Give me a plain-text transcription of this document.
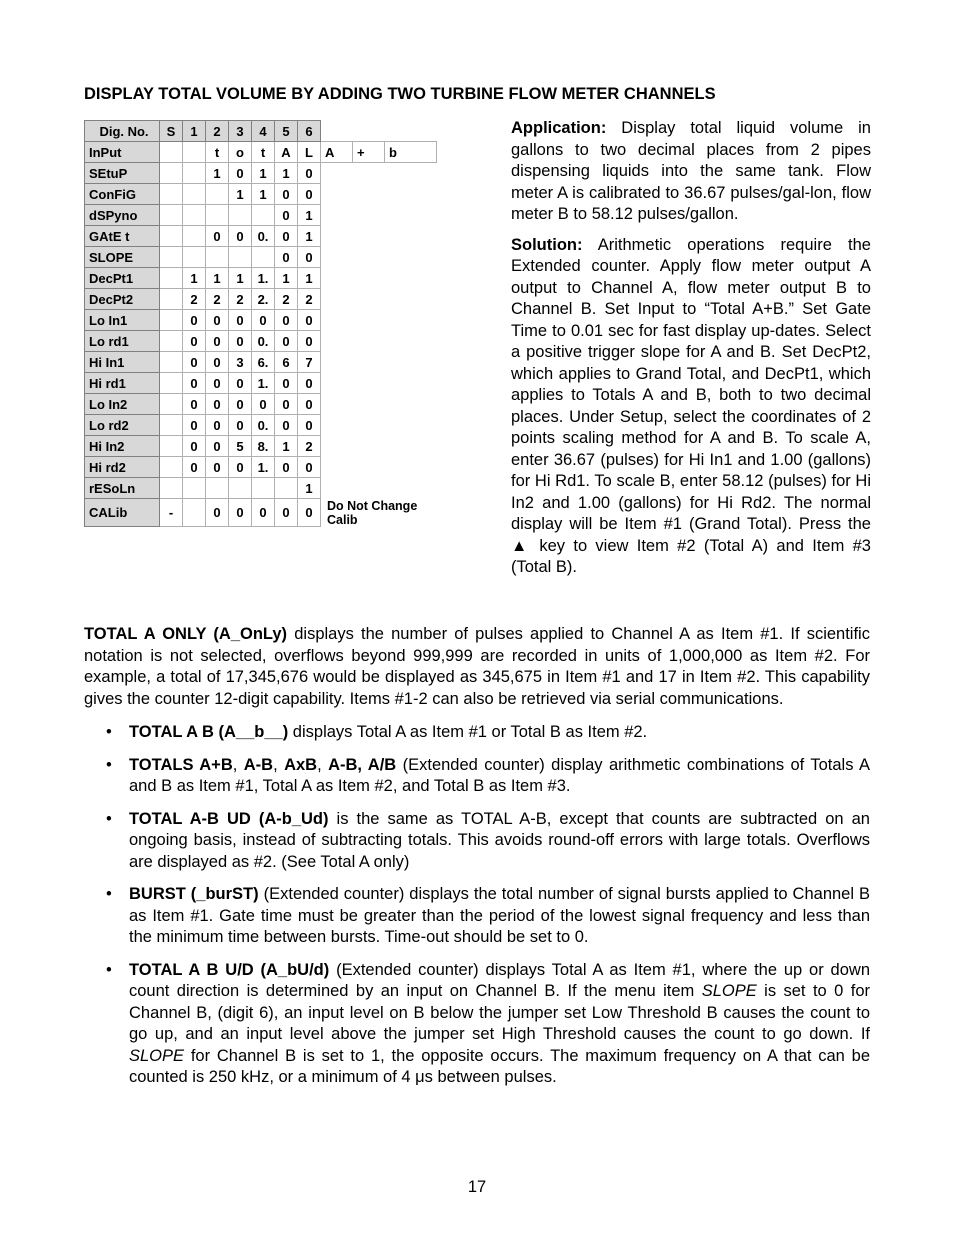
DISPLAY TOTAL VOLUME BY ADDING TWO TURBINE FLOW METER CHANNELS
Dig. No.	S	1	2	3	4	5	6			
InPut			t	o	t	A	L	A	+	b
SEtuP			1	0	1	1	0			
ConFiG				1	1	0	0			
dSPyno						0	1			
GAtE t			0	0	0.	0	1			
SLOPE						0	0			
DecPt1		1	1	1	1.	1	1			
DecPt2		2	2	2	2.	2	2			
Lo In1		0	0	0	0	0	0			
Lo rd1		0	0	0	0.	0	0			
Hi In1		0	0	3	6.	6	7			
Hi rd1		0	0	0	1.	0	0			
Lo In2		0	0	0	0	0	0			
Lo rd2		0	0	0	0.	0	0			
Hi In2		0	0	5	8.	1	2			
Hi rd2		0	0	0	1.	0	0			
rESoLn							1			
CALib	-		0	0	0	0	0	Do Not Change Calib		

Application: Display total liquid volume in gallons to two decimal places from 2 pipes dispensing liquids into the same tank. Flow meter A is calibrated to 36.67 pulses/gal-lon, flow meter B to 58.12 pulses/gallon.

Solution: Arithmetic operations require the Extended counter. Apply flow meter output A output to Channel A, flow meter output B to Channel B. Set Input to “Total A+B.” Set Gate Time to 0.01 sec for fast display up-dates. Select a positive trigger slope for A and B. Set DecPt2, which applies to Grand Total, and DecPt1, which applies to Totals A and B, both to two decimal places. Under Setup, select the coordinates of 2 points scaling method for A and B. To scale A, enter 36.67 (pulses) for Hi In1 and 1.00 (gallons) for Hi Rd1. To scale B, enter 58.12 (pulses) for Hi In2 and 1.00 (gallons) for Hi Rd2. The normal display will be Item #1 (Grand Total). Press the ▲ key to view Item #2 (Total A) and Item #3 (Total B).

TOTAL A ONLY (A_OnLy) displays the number of pulses applied to Channel A as Item #1. If scientific notation is not selected, overflows beyond 999,999 are recorded in units of 1,000,000 as Item #2. For example, a total of 17,345,676 would be displayed as 345,675 in Item #1 and 17 in Item #2. This capability gives the counter 12-digit capability. Items #1-2 can also be retrieved via serial communications.

• TOTAL A B (A__b__) displays Total A as Item #1 or Total B as Item #2.
• TOTALS A+B, A-B, AxB, A-B, A/B (Extended counter) display arithmetic combinations of Totals A and B as Item #1, Total A as Item #2, and Total B as Item #3.
• TOTAL A-B UD (A-b_Ud) is the same as TOTAL A-B, except that counts are subtracted on an ongoing basis, instead of subtracting totals. This avoids round-off errors with large totals. Overflows are displayed as #2. (See Total A only)
• BURST (_burST) (Extended counter) displays the total number of signal bursts applied to Channel B as Item #1. Gate time must be greater than the period of the lowest signal frequency and less than the minimum time between bursts. Time-out should be set to 0.
• TOTAL A B U/D (A_bU/d) (Extended counter) displays Total A as Item #1, where the up or down count direction is determined by an input on Channel B. If the menu item SLOPE is set to 0 for Channel B, (digit 6), an input level on B below the jumper set Low Threshold B causes the count to go up, and an input level above the jumper set High Threshold causes the count to go down. If SLOPE for Channel B is set to 1, the opposite occurs. The maximum frequency on A that can be counted is 250 kHz, or a minimum of 4 μs between pulses.
17
